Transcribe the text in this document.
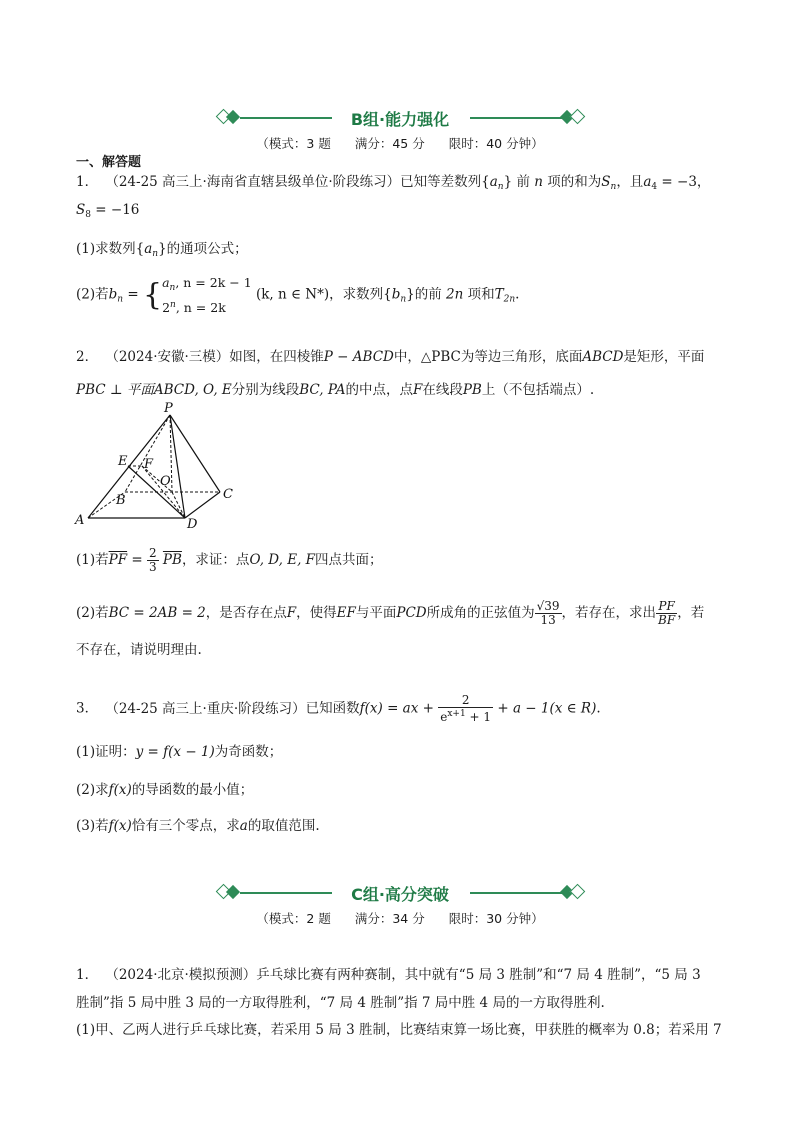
B组·能力强化
（模式：3 题 满分：45 分 限时：40 分钟）
一、解答题
1． （24-25 高三上·海南省直辖县级单位·阶段练习）已知等差数列$\{a_n\}$ 前 n 项的和为$S_n$，且$a_4 = -3$，
$S_8 = -16$
(1)求数列$\{a_n\}$的通项公式；
(2)若$b_n = \{a_n$, n = 2k − 1
2$^n$, n = 2k (k, n ∈ N*)，求数列$\{b_n\}$的前 2n 项和$T_{2n}$.
2． （2024·安徽·三模）如图，在四棱锥P − ABCD中，△PBC为等边三角形，底面ABCD是矩形，平面
PBC ⊥ 平面ABCD, O, E分别为线段BC, PA的中点，点F在线段PB上（不包括端点）.
P
E F
O
B	C
A	D
(1)若$\overline{PF} = \frac{2}{3} \overline{PB}$，求证：点O, D, E, F四点共面；
(2)若BC = 2AB = 2，是否存在点F，使得EF与平面PCD所成角的正弦值为 $\frac{√39}{13}$ ，若存在，求出 $\frac{PF}{BF}$ ，若
不存在，请说明理由.
3． （24-25 高三上·重庆·阶段练习）已知函数f(x) = ax + $\frac{2}{e^{x+1} + 1} + a - 1(x$ ∈ R).
(1)证明：y = f(x − 1)为奇函数；
(2)求f(x)的导函数的最小值；
(3)若f(x)恰有三个零点，求a的取值范围.
C组·高分突破
（模式：2 题 满分：34 分 限时：30 分钟）
1． （2024·北京·模拟预测）乒乓球比赛有两种赛制，其中就有“5 局 3 胜制”和“7 局 4 胜制”，“5 局 3
胜制”指 5 局中胜 3 局的一方取得胜利，“7 局 4 胜制”指 7 局中胜 4 局的一方取得胜利.
(1)甲、乙两人进行乒乓球比赛，若采用 5 局 3 胜制，比赛结束算一场比赛，甲获胜的概率为 0.8；若采用 7
